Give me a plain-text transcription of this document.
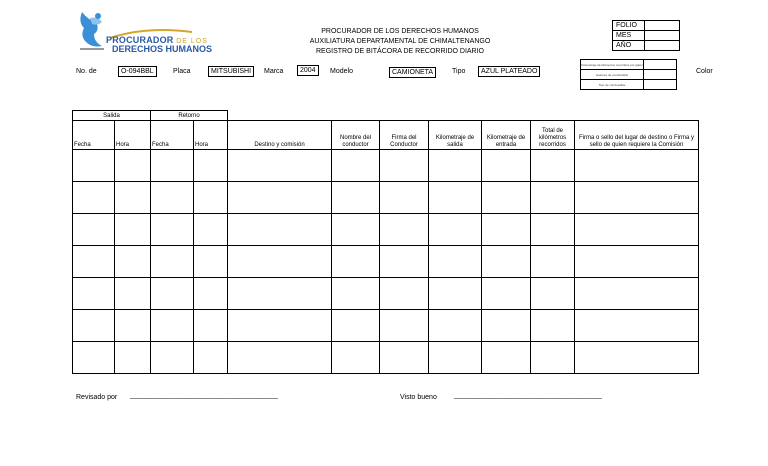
PROCURADOR DE LOS
DERECHOS HUMANOS
PROCURADOR DE LOS DERECHOS HUMANOS
AUXILIATURA DEPARTAMENTAL DE CHIMALTENANGO
REGISTRO DE BITÁCORA DE RECORRIDO DIARIO
FOLIO	
MES	
AÑO	
No. de	O-094BBL	Placa	MITSUBISHI	Marca	2004	Modelo	CAMIONETA	Tipo	AZUL PLATEADO	Color
Kilometraje de kilómetros recorridos por galón	
Galones de combustible	
Tipo de combustible	
Salida		Retorno								
Fecha	Hora	Fecha	Hora	Destino y comisión	Nombre del conductor	Firma del Conductor	Kilometraje de salida	Kilometraje de entrada	Total de kilómetros recorridos	Firma o sello del lugar de destino o Firma y sello de quien requiere la Comisión

Revisado por ______________________________________	Visto bueno ______________________________________
